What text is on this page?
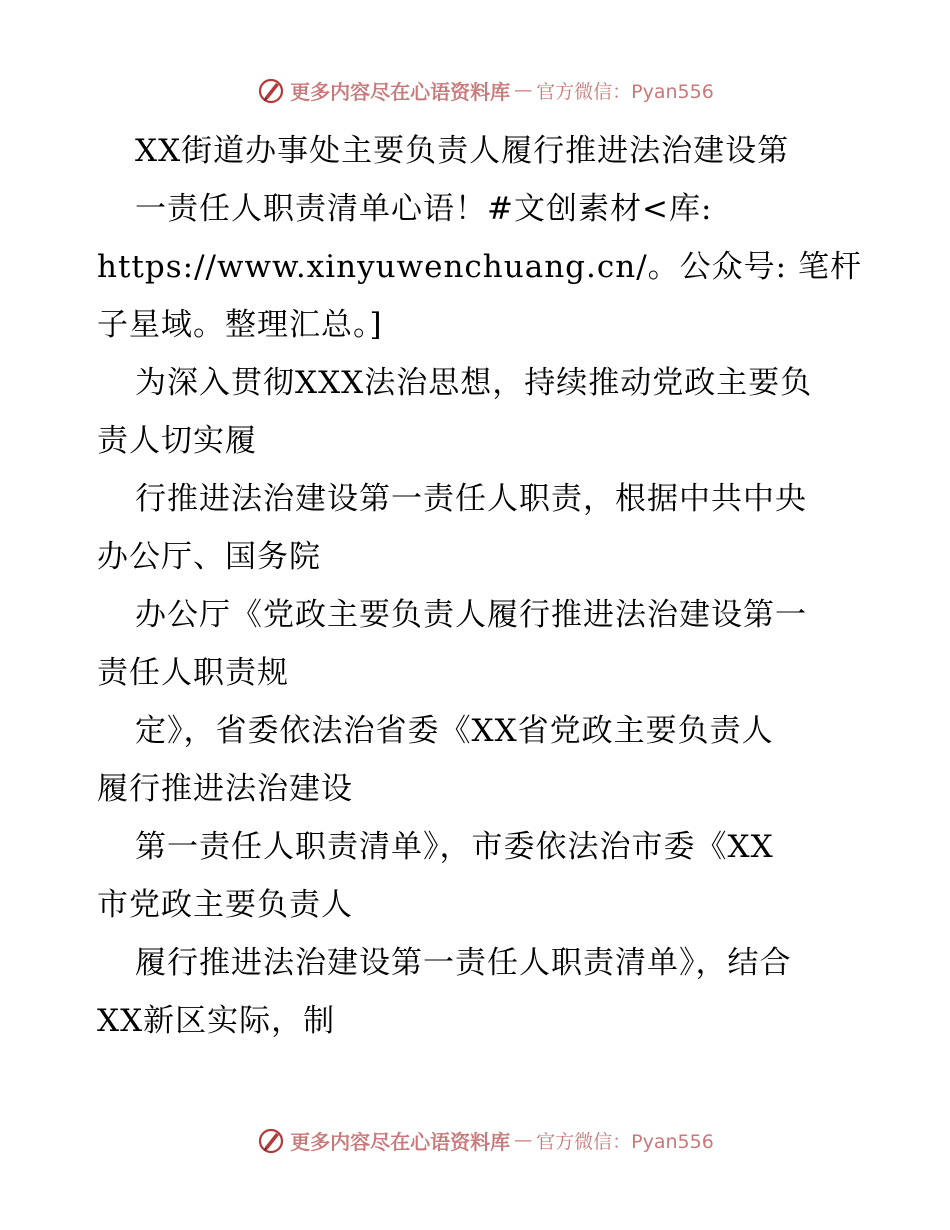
更多内容尽在心语资料库 — 官方微信：Pyan556
XX街道办事处主要负责人履行推进法治建设第
一责任人职责清单心语！#文创素材<库:
https://www.xinyuwenchuang.cn/。公众号: 笔杆
子星域。整理汇总。]
为深入贯彻XXX法治思想，持续推动党政主要负
责人切实履
行推进法治建设第一责任人职责，根据中共中央
办公厅、国务院
办公厅《党政主要负责人履行推进法治建设第一
责任人职责规
定》，省委依法治省委《XX省党政主要负责人
履行推进法治建设
第一责任人职责清单》，市委依法治市委《XX
市党政主要负责人
履行推进法治建设第一责任人职责清单》，结合
XX新区实际，制
更多内容尽在心语资料库 — 官方微信：Pyan556
